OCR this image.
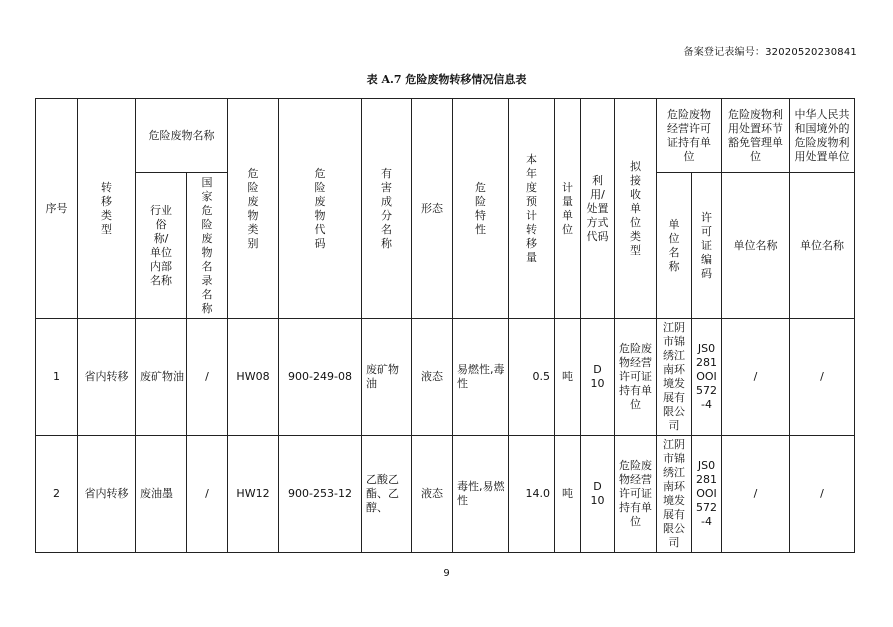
备案登记表编号：32020520230841
表 A.7 危险废物转移情况信息表
序号	转移类型	危险废物名称		危险废物类别	危险废物代码	有害成分名称	形态	危险特性	本年度预计转移量	计量单位	利用/处置方式代码	拟接收单位类型	危险废物经营许可证持有单位		危险废物利用处置环节豁免管理单位	中华人民共和国境外的危险废物利用处置单位
		行业俗称/单位内部名称	国家危险废物名录名称										单位名称	许可证编码	单位名称	单位名称
1	省内转移	废矿物油	/	HW08	900-249-08	废矿物油	液态	易燃性,毒性	0.5	吨	D10	危险废物经营许可证持有单位	江阴市锦绣江南环境发展有限公司	JS0281OOI572-4	/	/
2	省内转移	废油墨	/	HW12	900-253-12	乙酸乙酯、乙醇、	液态	毒性,易燃性	14.0	吨	D10	危险废物经营许可证持有单位	江阴市锦绣江南环境发展有限公司	JS0281OOI572-4	/	/
9
